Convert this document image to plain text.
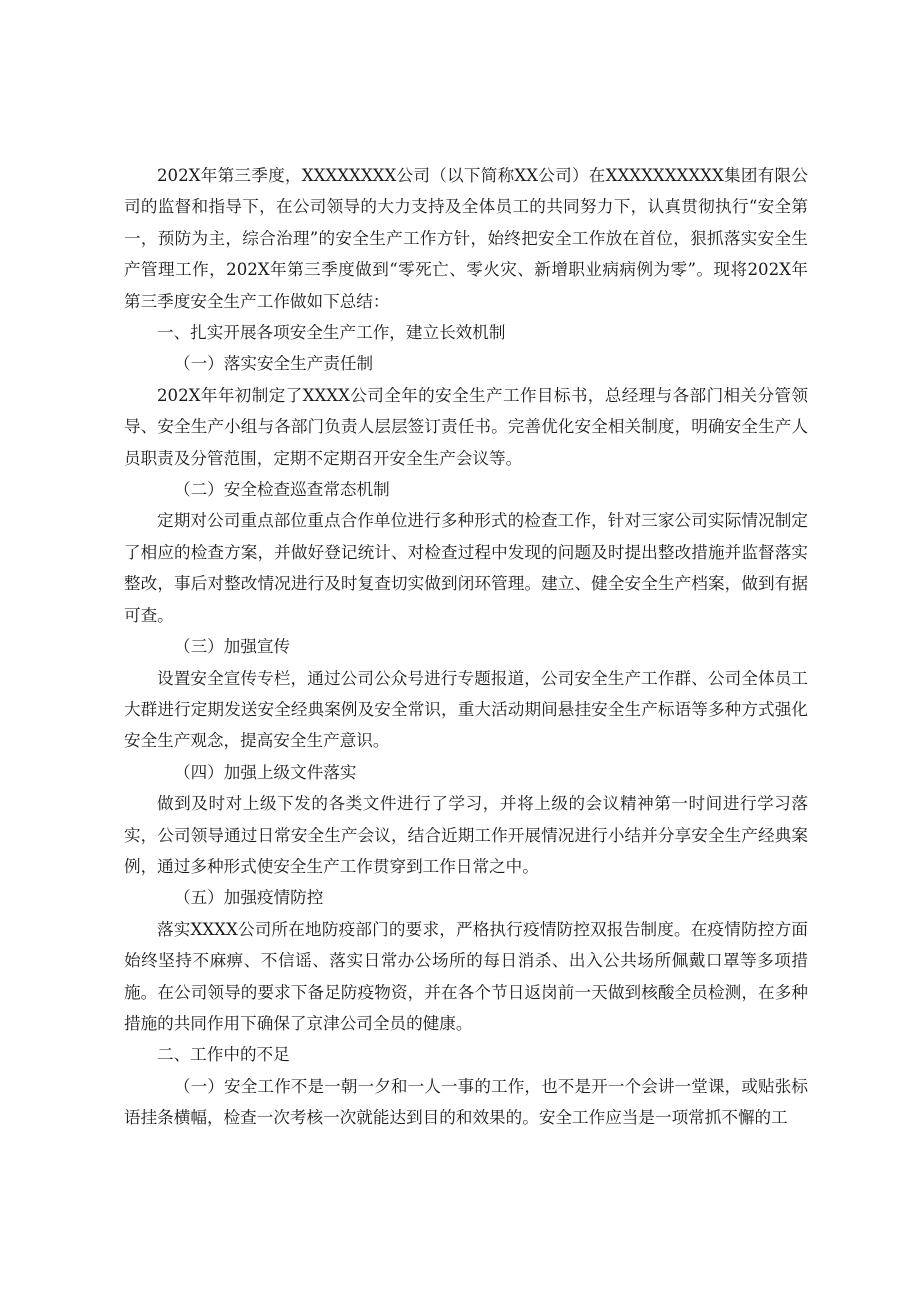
202X年第三季度，XXXXXXXX公司（以下简称XX公司）在XXXXXXXXXX集团有限公司的监督和指导下，在公司领导的大力支持及全体员工的共同努力下，认真贯彻执行“安全第一，预防为主，综合治理”的安全生产工作方针，始终把安全工作放在首位，狠抓落实安全生产管理工作，202X年第三季度做到“零死亡、零火灾、新增职业病病例为零”。现将202X年第三季度安全生产工作做如下总结：

一、扎实开展各项安全生产工作，建立长效机制

（一）落实安全生产责任制

202X年年初制定了XXXX公司全年的安全生产工作目标书，总经理与各部门相关分管领导、安全生产小组与各部门负责人层层签订责任书。完善优化安全相关制度，明确安全生产人员职责及分管范围，定期不定期召开安全生产会议等。

（二）安全检查巡查常态机制

定期对公司重点部位重点合作单位进行多种形式的检查工作，针对三家公司实际情况制定了相应的检查方案，并做好登记统计、对检查过程中发现的问题及时提出整改措施并监督落实整改，事后对整改情况进行及时复查切实做到闭环管理。建立、健全安全生产档案，做到有据可查。

（三）加强宣传

设置安全宣传专栏，通过公司公众号进行专题报道，公司安全生产工作群、公司全体员工大群进行定期发送安全经典案例及安全常识，重大活动期间悬挂安全生产标语等多种方式强化安全生产观念，提高安全生产意识。

（四）加强上级文件落实

做到及时对上级下发的各类文件进行了学习，并将上级的会议精神第一时间进行学习落实，公司领导通过日常安全生产会议，结合近期工作开展情况进行小结并分享安全生产经典案例，通过多种形式使安全生产工作贯穿到工作日常之中。

（五）加强疫情防控

落实XXXX公司所在地防疫部门的要求，严格执行疫情防控双报告制度。在疫情防控方面始终坚持不麻痹、不信谣、落实日常办公场所的每日消杀、出入公共场所佩戴口罩等多项措施。在公司领导的要求下备足防疫物资，并在各个节日返岗前一天做到核酸全员检测，在多种措施的共同作用下确保了京津公司全员的健康。

二、工作中的不足

（一）安全工作不是一朝一夕和一人一事的工作，也不是开一个会讲一堂课，或贴张标语挂条横幅，检查一次考核一次就能达到目的和效果的。安全工作应当是一项常抓不懈的工
